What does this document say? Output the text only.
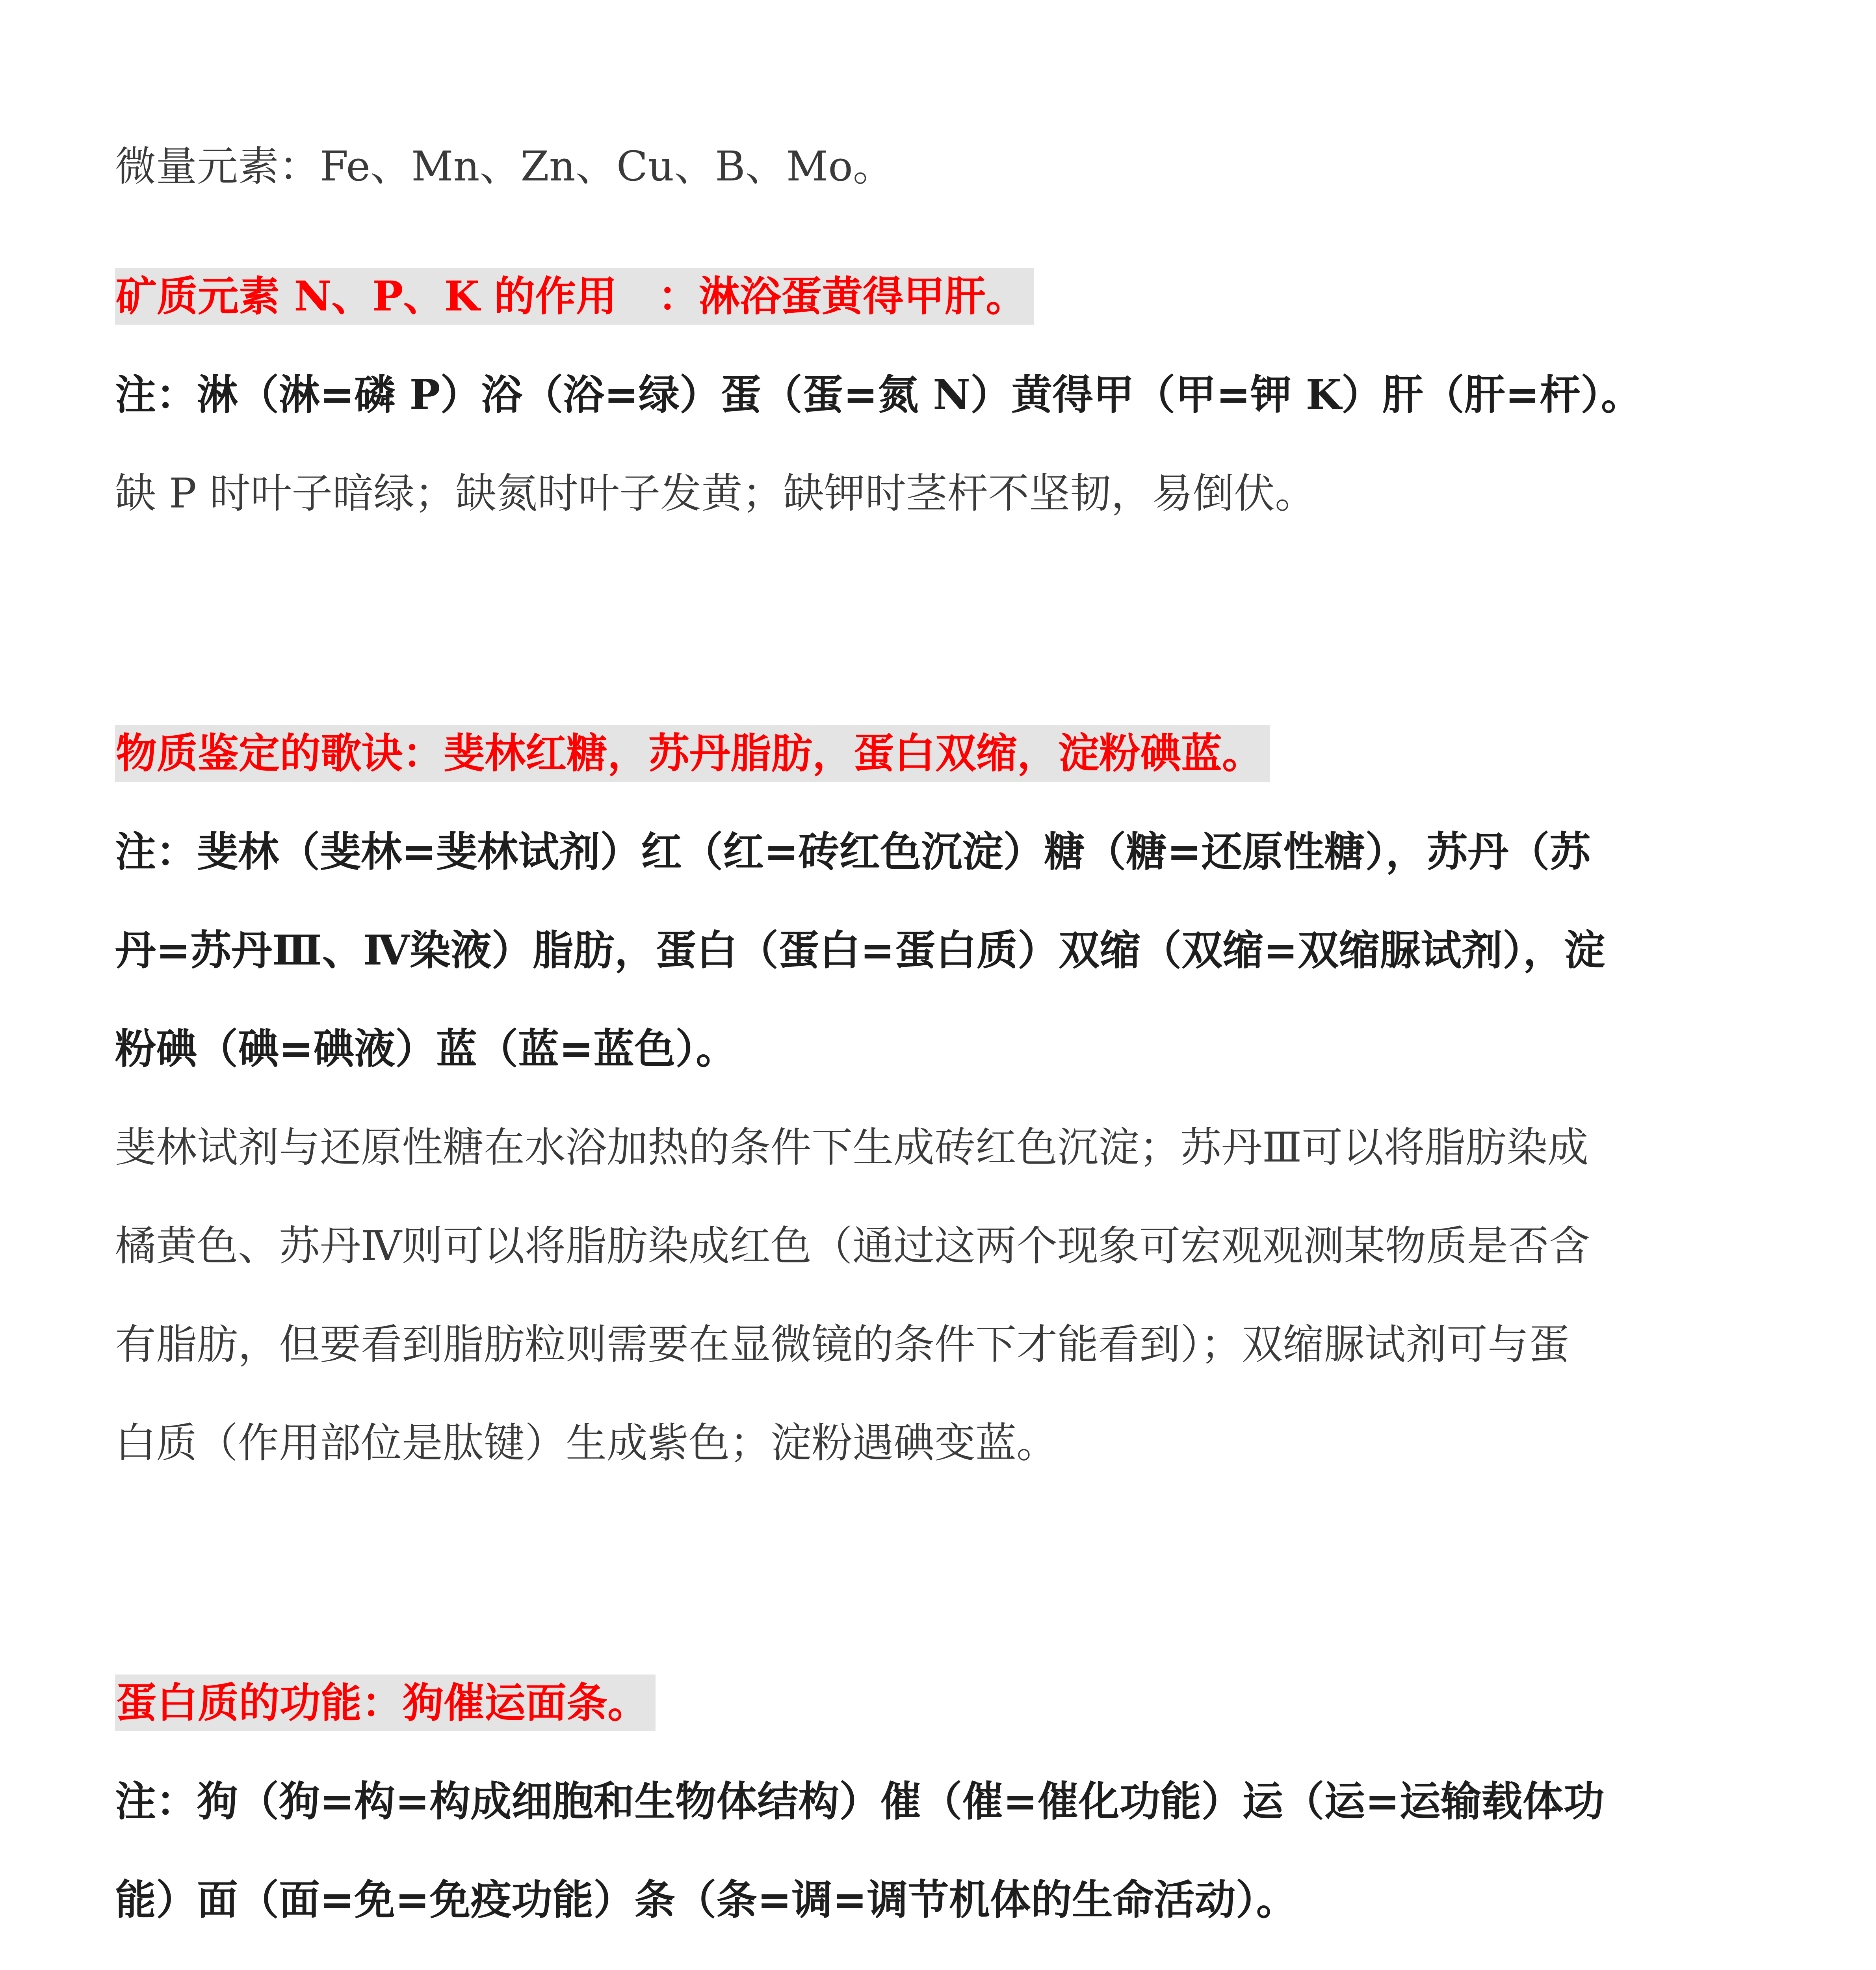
微量元素：Fe、Mn、Zn、Cu、B、Mo。

矿质元素 N、P、K 的作用　：淋浴蛋黄得甲肝。

注：淋（淋=磷 P）浴（浴=绿）蛋（蛋=氮 N）黄得甲（甲=钾 K）肝（肝=杆）。

缺 P 时叶子暗绿；缺氮时叶子发黄；缺钾时茎杆不坚韧，易倒伏。

物质鉴定的歌诀：斐林红糖，苏丹脂肪，蛋白双缩，淀粉碘蓝。

注：斐林（斐林=斐林试剂）红（红=砖红色沉淀）糖（糖=还原性糖），苏丹（苏

丹=苏丹Ⅲ、Ⅳ染液）脂肪，蛋白（蛋白=蛋白质）双缩（双缩=双缩脲试剂），淀

粉碘（碘=碘液）蓝（蓝=蓝色）。

斐林试剂与还原性糖在水浴加热的条件下生成砖红色沉淀；苏丹Ⅲ可以将脂肪染成

橘黄色、苏丹Ⅳ则可以将脂肪染成红色（通过这两个现象可宏观观测某物质是否含

有脂肪，但要看到脂肪粒则需要在显微镜的条件下才能看到）；双缩脲试剂可与蛋

白质（作用部位是肽键）生成紫色；淀粉遇碘变蓝。

蛋白质的功能：狗催运面条。

注：狗（狗=构=构成细胞和生物体结构）催（催=催化功能）运（运=运输载体功

能）面（面=免=免疫功能）条（条=调=调节机体的生命活动）。
